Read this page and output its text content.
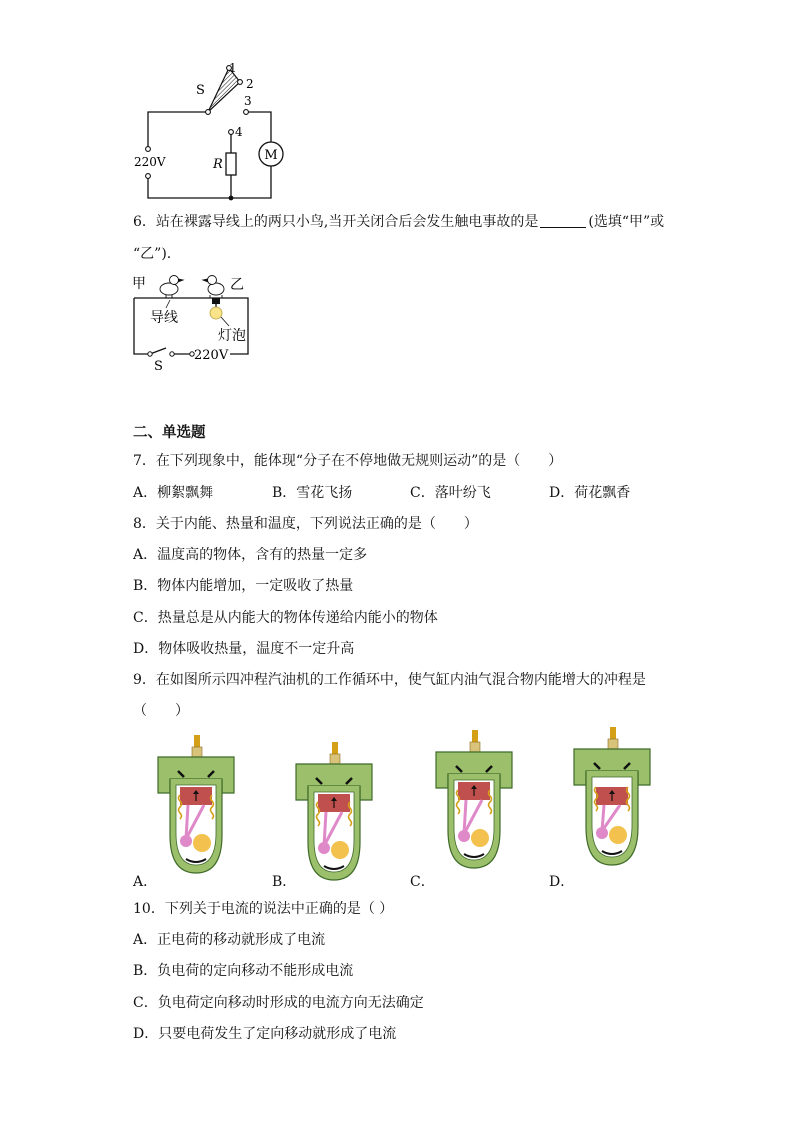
M
S
1
2
3
4
R
220V
6．站在裸露导线上的两只小鸟,当开关闭合后会发生触电事故的是	(选填“甲”或
“乙”).
甲	乙
导线
灯泡
S
220V
二、单选题
7．在下列现象中，能体现“分子在不停地做无规则运动”的是（　　）
A．柳絮飘舞	B．雪花飞扬	C．落叶纷飞	D．荷花飘香
8．关于内能、热量和温度，下列说法正确的是（　　）
A．温度高的物体，含有的热量一定多
B．物体内能增加，一定吸收了热量
C．热量总是从内能大的物体传递给内能小的物体
D．物体吸收热量，温度不一定升高
9．在如图所示四冲程汽油机的工作循环中，使气缸内油气混合物内能增大的冲程是
（　　）
A．	B．	C．	D．
10．下列关于电流的说法中正确的是（ ）
A．正电荷的移动就形成了电流
B．负电荷的定向移动不能形成电流
C．负电荷定向移动时形成的电流方向无法确定
D．只要电荷发生了定向移动就形成了电流
